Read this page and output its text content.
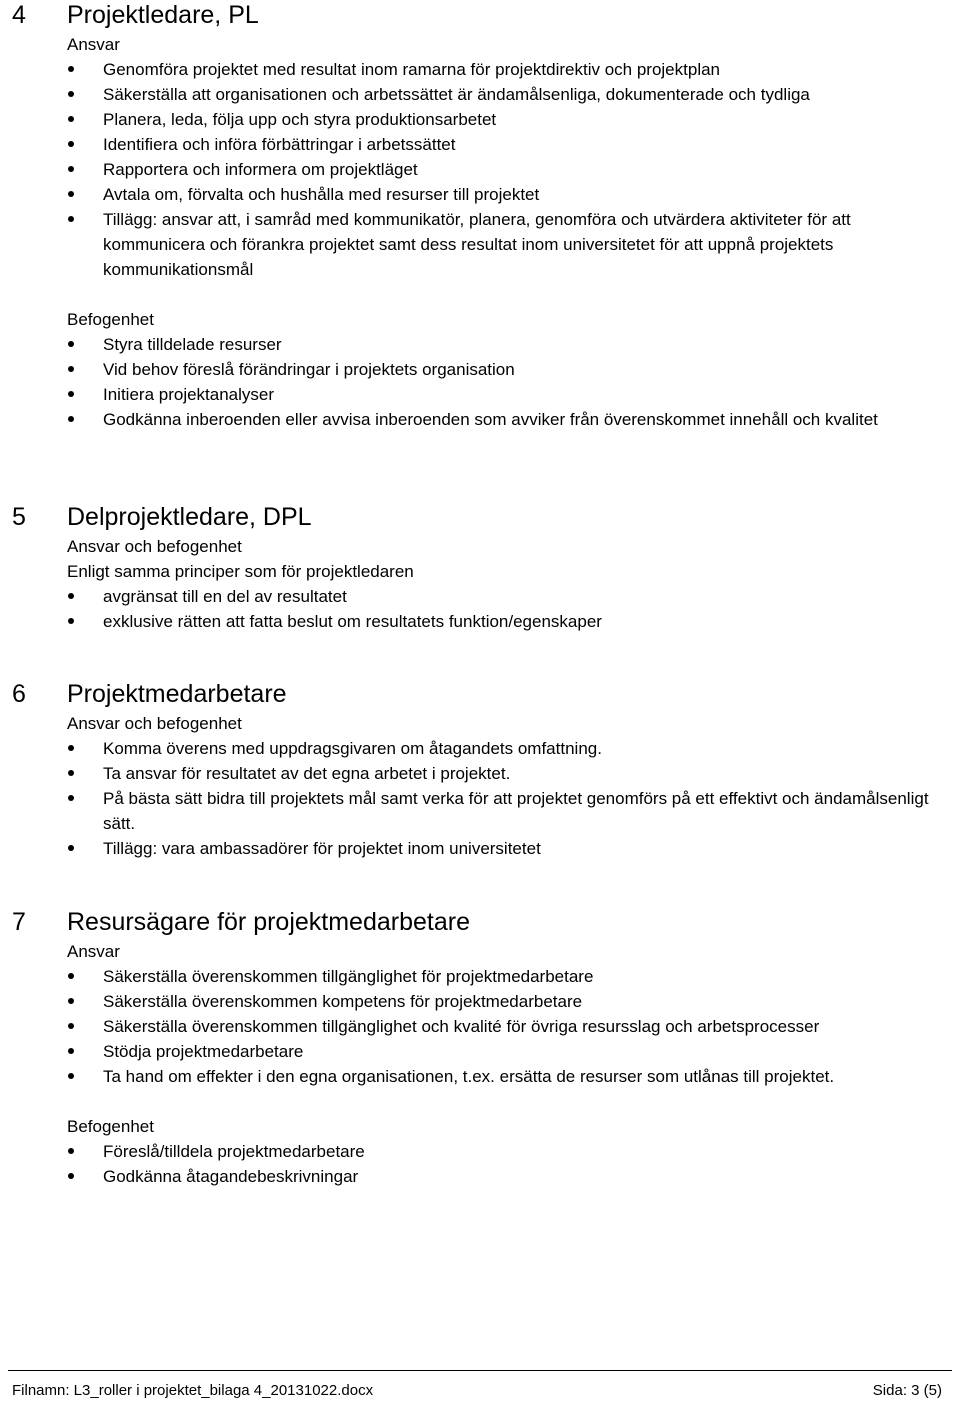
4 Projektledare, PL
Ansvar
Genomföra projektet med resultat inom ramarna för projektdirektiv och projektplan
Säkerställa att organisationen och arbetssättet är ändamålsenliga, dokumenterade och tydliga
Planera, leda, följa upp och styra produktionsarbetet
Identifiera och införa förbättringar i arbetssättet
Rapportera och informera om projektläget
Avtala om, förvalta och hushålla med resurser till projektet
Tillägg: ansvar att, i samråd med kommunikatör, planera, genomföra och utvärdera aktiviteter för att kommunicera och förankra projektet samt dess resultat inom universitetet för att uppnå projektets kommunikationsmål
Befogenhet
Styra tilldelade resurser
Vid behov föreslå förändringar i projektets organisation
Initiera projektanalyser
Godkänna inberoenden eller avvisa inberoenden som avviker från överenskommet innehåll och kvalitet
5 Delprojektledare, DPL
Ansvar och befogenhet
Enligt samma principer som för projektledaren
avgränsat till en del av resultatet
exklusive rätten att fatta beslut om resultatets funktion/egenskaper
6 Projektmedarbetare
Ansvar och befogenhet
Komma överens med uppdragsgivaren om åtagandets omfattning.
Ta ansvar för resultatet av det egna arbetet i projektet.
På bästa sätt bidra till projektets mål samt verka för att projektet genomförs på ett effektivt och ändamålsenligt sätt.
Tillägg: vara ambassadörer för projektet inom universitetet
7 Resursägare för projektmedarbetare
Ansvar
Säkerställa överenskommen tillgänglighet för projektmedarbetare
Säkerställa överenskommen kompetens för projektmedarbetare
Säkerställa överenskommen tillgänglighet och kvalité för övriga resursslag och arbetsprocesser
Stödja projektmedarbetare
Ta hand om effekter i den egna organisationen, t.ex. ersätta de resurser som utlånas till projektet.
Befogenhet
Föreslå/tilldela projektmedarbetare
Godkänna åtagandebeskrivningar
Filnamn: L3_roller i projektet_bilaga 4_20131022.docx	Sida: 3 (5)
